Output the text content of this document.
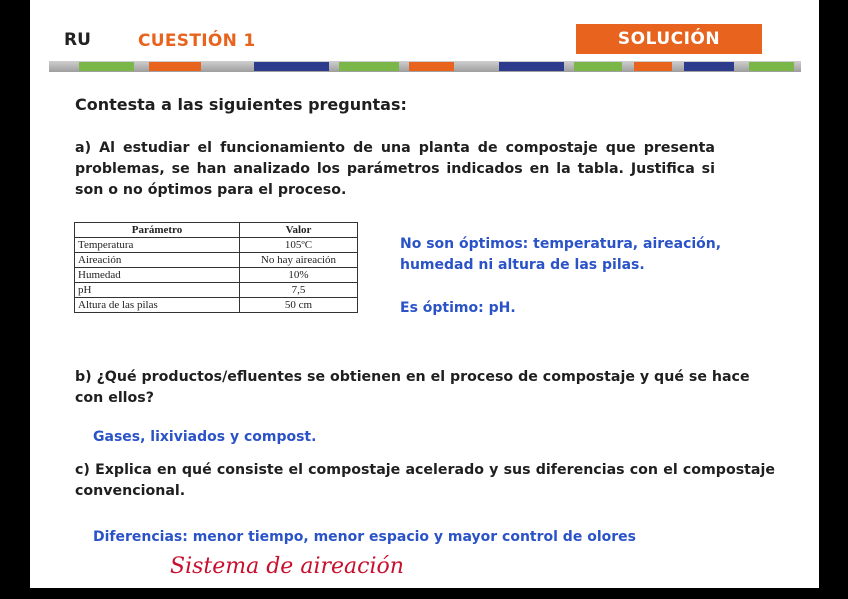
RU	CUESTIÓN 1	SOLUCIÓN

Contesta a las siguientes preguntas:

a) Al estudiar el funcionamiento de una planta de compostaje que presenta problemas, se han analizado los parámetros indicados en la tabla. Justifica si son o no óptimos para el proceso.

Parámetro	Valor
Temperatura	105ºC
Aireación	No hay aireación
Humedad	10%
pH	7,5
Altura de las pilas	50 cm

No son óptimos: temperatura, aireación, humedad ni altura de las pilas.

Es óptimo: pH.

b) ¿Qué productos/efluentes se obtienen en el proceso de compostaje y qué se hace con ellos?

Gases, lixiviados y compost.

c) Explica en qué consiste el compostaje acelerado y sus diferencias con el compostaje convencional.

Diferencias: menor tiempo, menor espacio y mayor control de olores

Sistema de aireación
